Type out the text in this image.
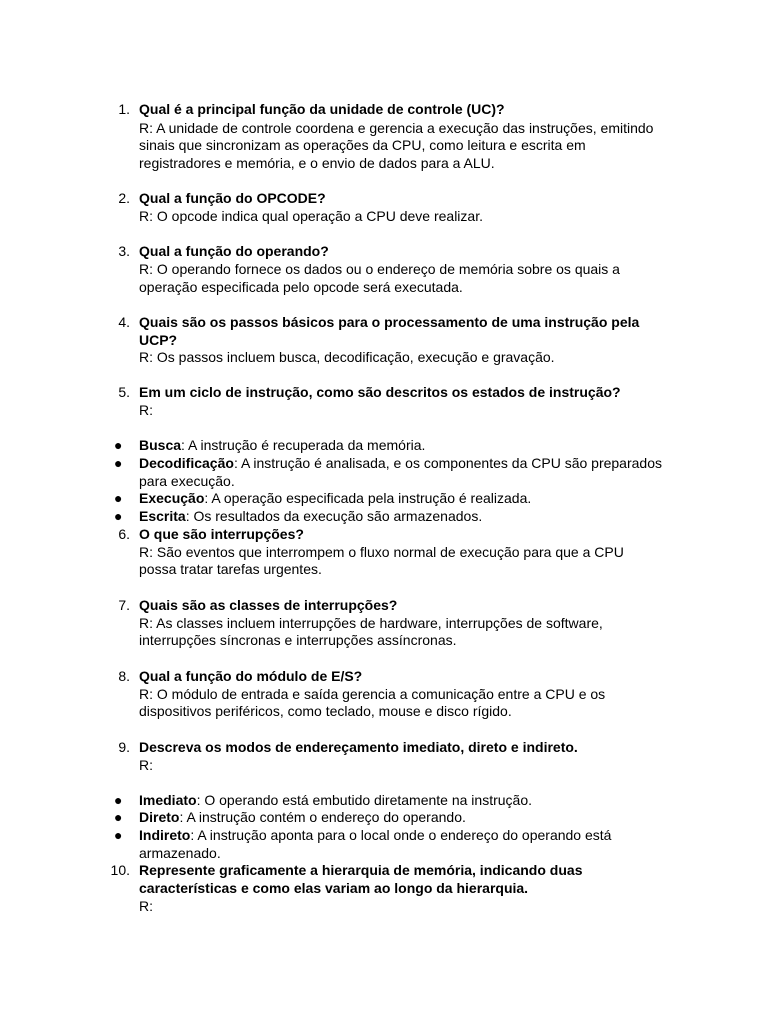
1. Qual é a principal função da unidade de controle (UC)?
R: A unidade de controle coordena e gerencia a execução das instruções, emitindo
sinais que sincronizam as operações da CPU, como leitura e escrita em
registradores e memória, e o envio de dados para a ALU.
2. Qual a função do OPCODE?
R: O opcode indica qual operação a CPU deve realizar.
3. Qual a função do operando?
R: O operando fornece os dados ou o endereço de memória sobre os quais a
operação especificada pelo opcode será executada.
4. Quais são os passos básicos para o processamento de uma instrução pela
UCP?
R: Os passos incluem busca, decodificação, execução e gravação.
5. Em um ciclo de instrução, como são descritos os estados de instrução?
R:
●	Busca: A instrução é recuperada da memória.
●	Decodificação: A instrução é analisada, e os componentes da CPU são preparados
para execução.
●	Execução: A operação especificada pela instrução é realizada.
●	Escrita: Os resultados da execução são armazenados.
6. O que são interrupções?
R: São eventos que interrompem o fluxo normal de execução para que a CPU
possa tratar tarefas urgentes.
7. Quais são as classes de interrupções?
R: As classes incluem interrupções de hardware, interrupções de software,
interrupções síncronas e interrupções assíncronas.
8. Qual a função do módulo de E/S?
R: O módulo de entrada e saída gerencia a comunicação entre a CPU e os
dispositivos periféricos, como teclado, mouse e disco rígido.
9. Descreva os modos de endereçamento imediato, direto e indireto.
R:
●	Imediato: O operando está embutido diretamente na instrução.
●	Direto: A instrução contém o endereço do operando.
●	Indireto: A instrução aponta para o local onde o endereço do operando está
armazenado.
10. Represente graficamente a hierarquia de memória, indicando duas
características e como elas variam ao longo da hierarquia.
R:
